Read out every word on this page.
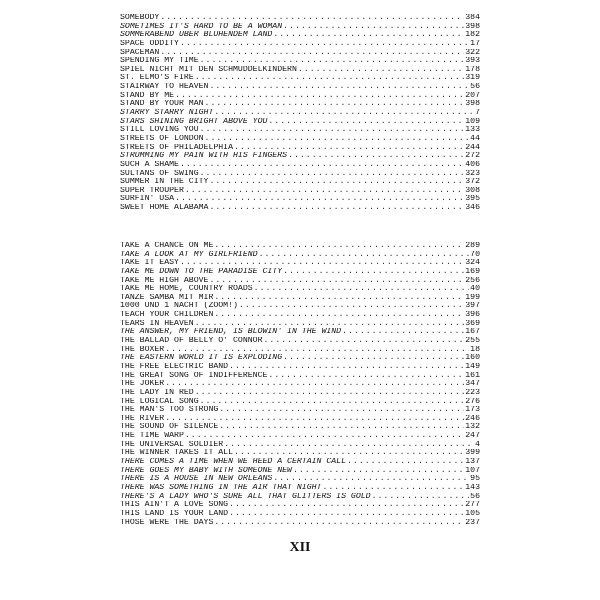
SOMEBODY .....	384
SOMETIMES IT'S HARD TO BE A WOMAN .....	398
SOMMERABEND ÜBER BLÜHENDEM LAND .....	182
SPACE ODDITY .....	17
SPACEMAN .....	322
SPENDING MY TIME .....	393
SPIEL NICHT MIT DEN SCHMUDDELKINDERN .....	178
ST. ELMO'S FIRE .....	319
STAIRWAY TO HEAVEN .....	56
STAND BY ME .....	207
STAND BY YOUR MAN .....	398
STARRY STARRY NIGHT .....	7
STARS SHINING BRIGHT ABOVE YOU .....	109
STILL LOVING YOU .....	133
STREETS OF LONDON .....	44
STREETS OF PHILADELPHIA .....	244
STRUMMING MY PAIN WITH HIS FINGERS .....	272
SUCH A SHAME .....	406
SULTANS OF SWING .....	323
SUMMER IN THE CITY .....	372
SUPER TROUPER .....	308
SURFIN' USA .....	395
SWEET HOME ALABAMA .....	346
TAKE A CHANCE ON ME .....	289
TAKE A LOOK AT MY GIRLFRIEND .....	70
TAKE IT EASY .....	324
TAKE ME DOWN TO THE PARADISE CITY .....	169
TAKE ME HIGH ABOVE .....	256
TAKE ME HOME, COUNTRY ROADS .....	40
TANZE SAMBA MIT MIR .....	199
1000 UND 1 NACHT (ZOOM!) .....	397
TEACH YOUR CHILDREN .....	396
TEARS IN HEAVEN .....	369
THE ANSWER, MY FRIEND, IS BLOWIN' IN THE WIND .....	167
THE BALLAD OF BELLY O' CONNOR .....	255
THE BOXER .....	18
THE EASTERN WORLD IT IS EXPLODING .....	160
THE FREE ELECTRIC BAND .....	149
THE GREAT SONG OF INDIFFERENCE .....	161
THE JOKER .....	347
THE LADY IN RED .....	223
THE LOGICAL SONG .....	276
THE MAN'S TOO STRONG .....	173
THE RIVER .....	246
THE SOUND OF SILENCE .....	132
THE TIME WARP .....	247
THE UNIVERSAL SOLDIER .....	4
THE WINNER TAKES IT ALL .....	399
THERE COMES A TIME WHEN WE HEED A CERTAIN CALL .....	137
THERE GOES MY BABY WITH SOMEONE NEW .....	107
THERE IS A HOUSE IN NEW ORLEANS .....	95
THERE WAS SOMETHING IN THE AIR THAT NIGHT .....	143
THERE'S A LADY WHO'S SURE ALL THAT GLITTERS IS GOLD .....	56
THIS AIN'T A LOVE SONG .....	277
THIS LAND IS YOUR LAND .....	105
THOSE WERE THE DAYS .....	237
XII
